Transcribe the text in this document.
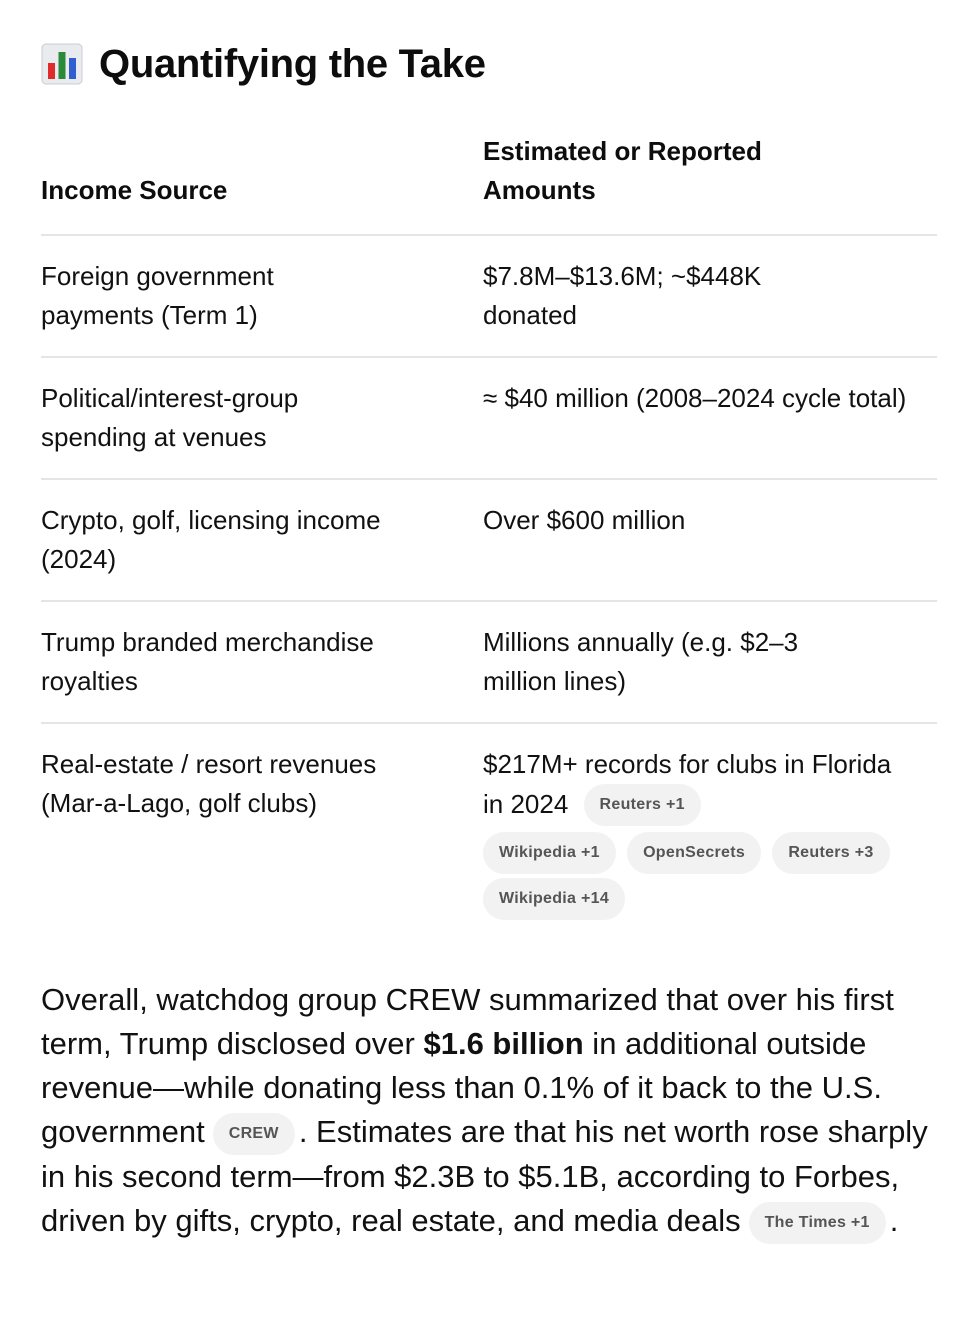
Quantifying the Take
Income Source	Estimated or Reported Amounts

Foreign government payments (Term 1)	$7.8M–$13.6M; ~$448K donated

Political/interest-group spending at venues	≈ $40 million (2008–2024 cycle total)

Crypto, golf, licensing income (2024)	Over $600 million

Trump branded merchandise royalties	Millions annually (e.g. $2–3 million lines)

Real-estate / resort revenues (Mar-a-Lago, golf clubs)	$217M+ records for clubs in Florida in 2024 Reuters +1
Wikipedia +1 OpenSecrets Reuters +3 Wikipedia +14

Overall, watchdog group CREW summarized that over his first term, Trump disclosed over $1.6 billion in additional outside revenue—while donating less than 0.1% of it back to the U.S. government CREW . Estimates are that his net worth rose sharply in his second term—from $2.3B to $5.1B, according to Forbes, driven by gifts, crypto, real estate, and media deals The Times +1 .
